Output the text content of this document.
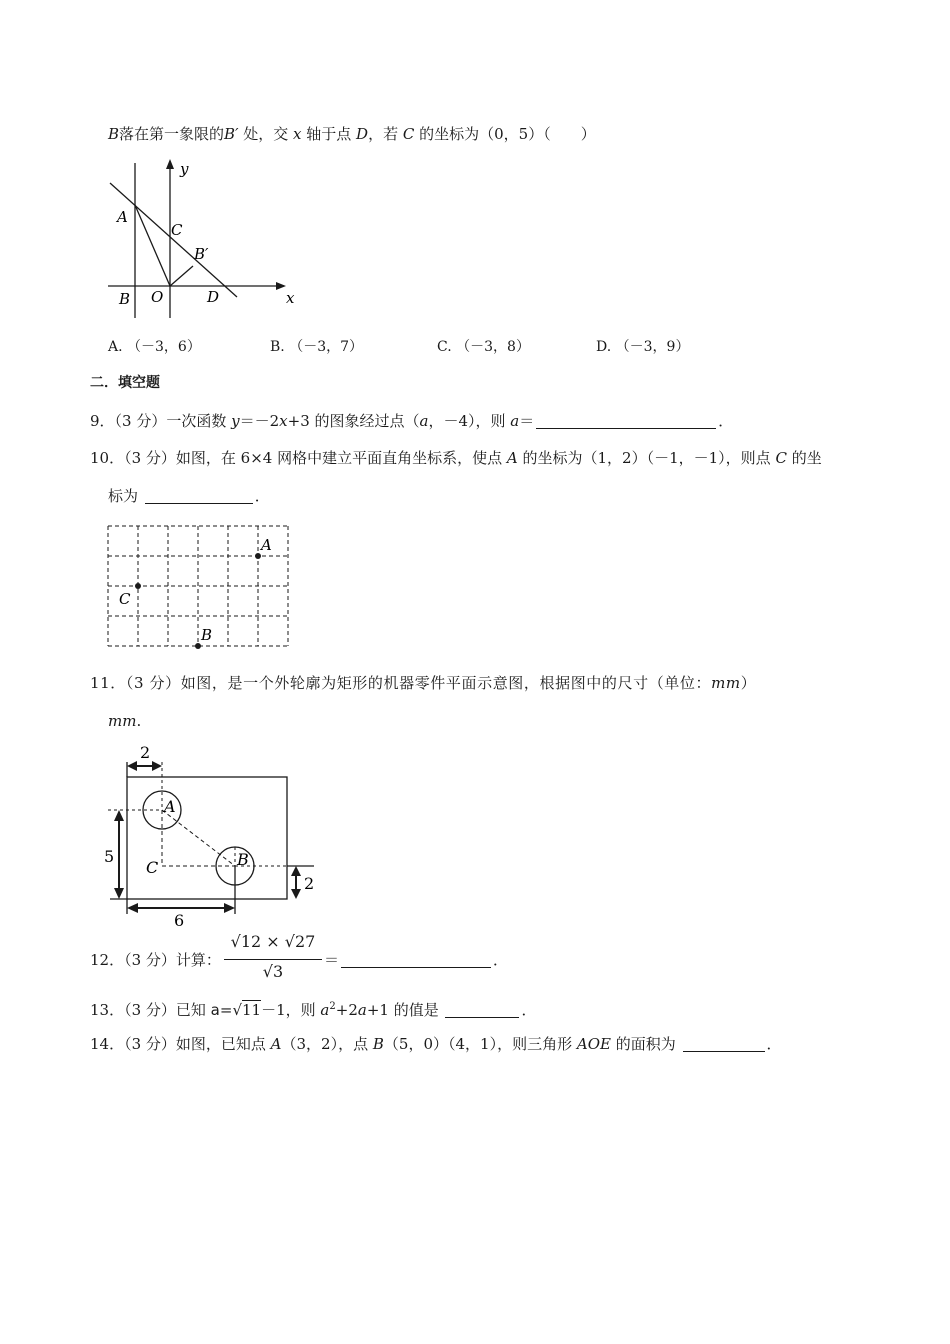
B落在第一象限的B′ 处，交 x 轴于点 D，若 C 的坐标为（0，5）（　　）
y
x
A
C
B′
B O	D
A. （－3，6）	B. （－3，7）	C. （－3，8）	D. （－3，9）
二．填空题
9．（3 分）一次函数 y＝－2x+3 的图象经过点（a，－4），则 a＝	．
10．（3 分）如图，在 6×4 网格中建立平面直角坐标系，使点 A 的坐标为（1，2）（－1，－1），则点 C 的坐
标为	．
A
C
B
11．（3 分）如图，是一个外轮廓为矩形的机器零件平面示意图，根据图中的尺寸（单位：mm）
mm.
2
5
2
6
A
B
C
12．（3 分）计算：
√12 × √27
√3
＝	．
13．（3 分）已知 a=√11－1，则 $a^2+2a+1$ 的值是	．
14．（3 分）如图，已知点 A（3，2），点 B（5，0）（4，1），则三角形 AOE 的面积为	．
